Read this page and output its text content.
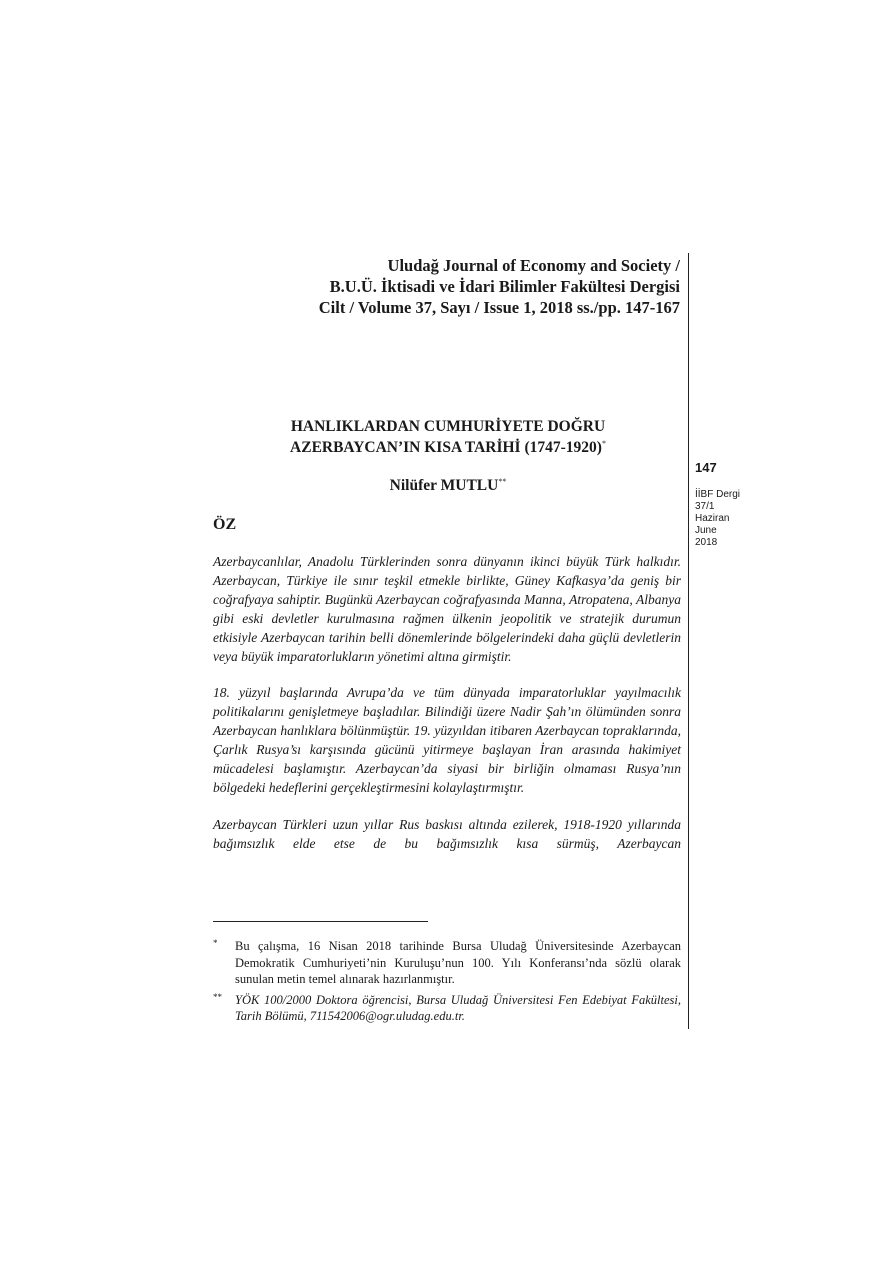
Uludağ Journal of Economy and Society /
B.U.Ü. İktisadi ve İdari Bilimler Fakültesi Dergisi
Cilt / Volume 37, Sayı / Issue 1, 2018 ss./pp. 147-167
147
İİBF Dergi
37/1
Haziran
June
2018
HANLIKLARDAN CUMHURİYETE DOĞRU
AZERBAYCAN’IN KISA TARİHİ (1747-1920)*
Nilüfer MUTLU**
ÖZ

Azerbaycanlılar, Anadolu Türklerinden sonra dünyanın ikinci büyük Türk halkıdır. Azerbaycan, Türkiye ile sınır teşkil etmekle birlikte, Güney Kafkasya’da geniş bir coğrafyaya sahiptir. Bugünkü Azerbaycan coğrafyasında Manna, Atropatena, Albanya gibi eski devletler kurulmasına rağmen ülkenin jeopolitik ve stratejik durumun etkisiyle Azerbaycan tarihin belli dönemlerinde bölgelerindeki daha güçlü devletlerin veya büyük imparatorlukların yönetimi altına girmiştir.

18. yüzyıl başlarında Avrupa’da ve tüm dünyada imparatorluklar yayılmacılık politikalarını genişletmeye başladılar. Bilindiği üzere Nadir Şah’ın ölümünden sonra Azerbaycan hanlıklara bölünmüştür. 19. yüzyıldan itibaren Azerbaycan topraklarında, Çarlık Rusya’sı karşısında gücünü yitirmeye başlayan İran arasında hakimiyet mücadelesi başlamıştır. Azerbaycan’da siyasi bir birliğin olmaması Rusya’nın bölgedeki hedeflerini gerçekleştirmesini kolaylaştırmıştır.

Azerbaycan Türkleri uzun yıllar Rus baskısı altında ezilerek, 1918-1920 yıllarında bağımsızlık elde etse de bu bağımsızlık kısa sürmüş, Azerbaycan

* Bu çalışma, 16 Nisan 2018 tarihinde Bursa Uludağ Üniversitesinde Azerbaycan Demokratik Cumhuriyeti’nin Kuruluşu’nun 100. Yılı Konferansı’nda sözlü olarak sunulan metin temel alınarak hazırlanmıştır.
** YÖK 100/2000 Doktora öğrencisi, Bursa Uludağ Üniversitesi Fen Edebiyat Fakültesi, Tarih Bölümü, 711542006@ogr.uludag.edu.tr.
